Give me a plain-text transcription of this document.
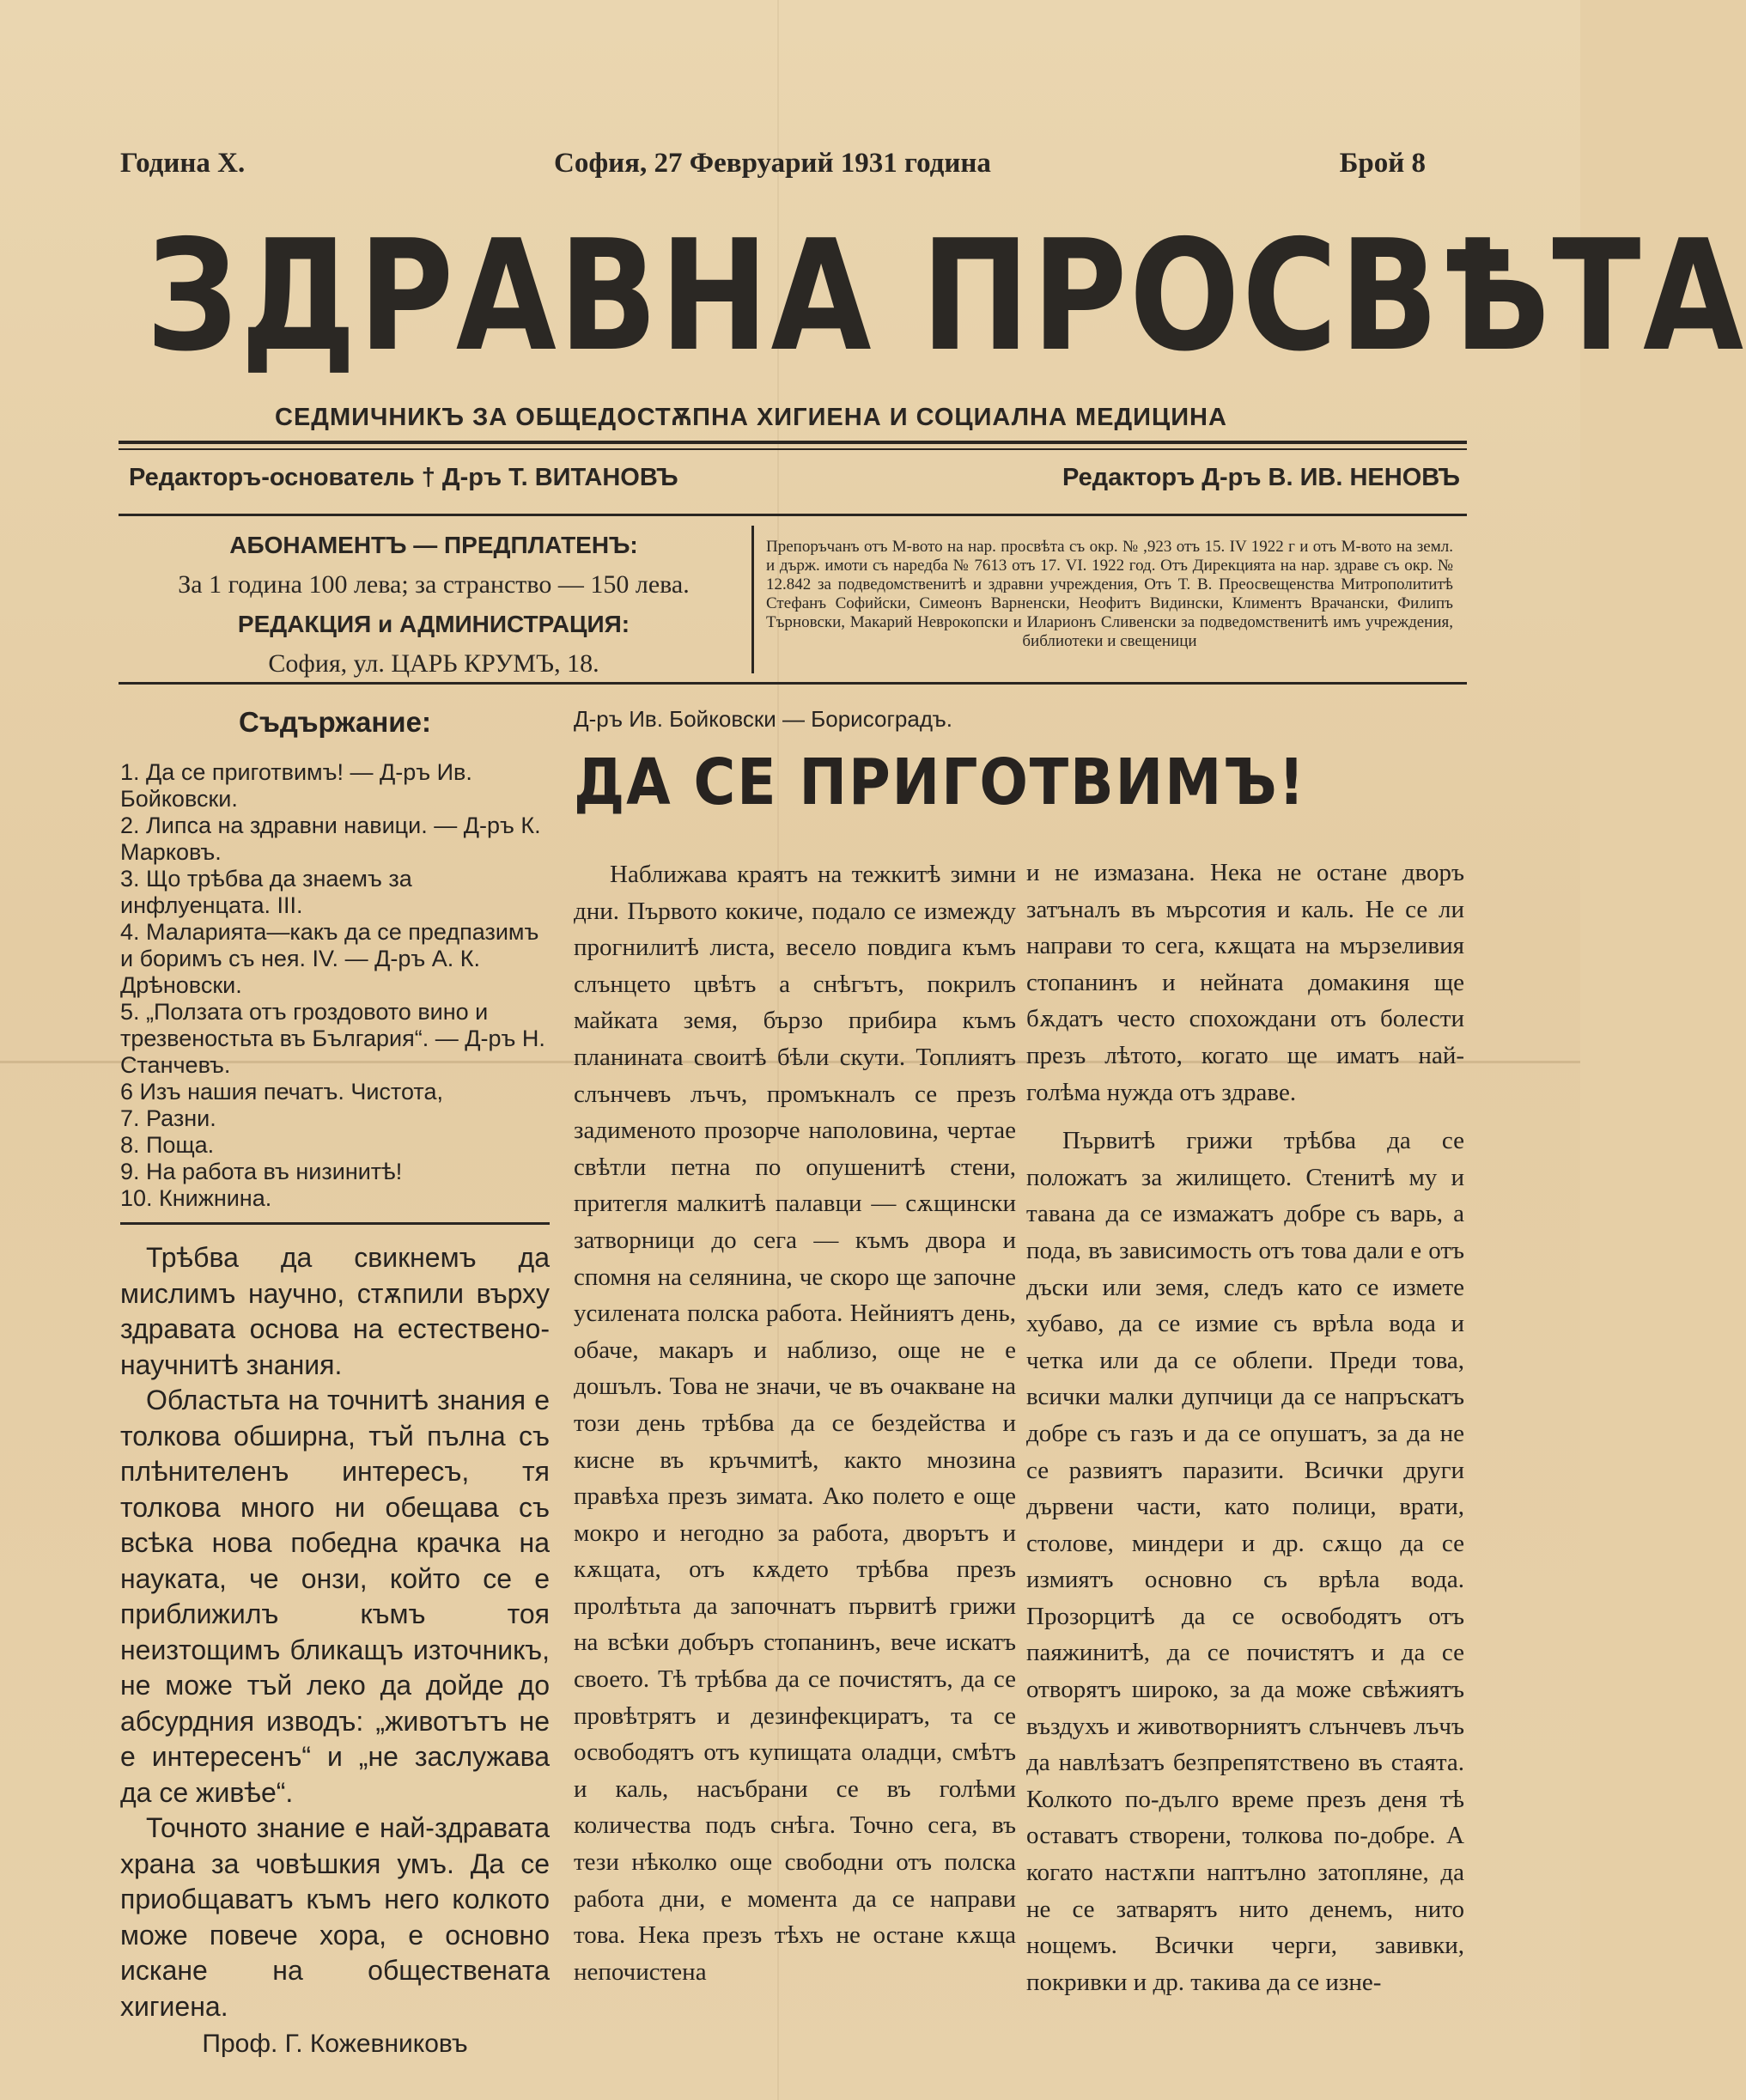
Година X.	София, 27 Февруарий 1931 година	Брой 8
ЗДРАВНА ПРОСВѢТА
СЕДМИЧНИКЪ ЗА ОБЩЕДОСТѪПНА ХИГИЕНА И СОЦИАЛНА МЕДИЦИНА
Редакторъ-основатель † Д-ръ Т. ВИТАНОВЪ	Редакторъ Д-ръ В. ИВ. НЕНОВЪ
АБОНАМЕНТЪ — ПРЕДПЛАТЕНЪ:
За 1 година 100 лева; за странство — 150 лева.
РЕДАКЦИЯ и АДМИНИСТРАЦИЯ:
София, ул. ЦАРЬ КРУМЪ, 18.
Препоръчанъ отъ М-вото на нар. просвѣта съ окр. № ,923 отъ 15. IV 1922 г и отъ М-вото на земл. и държ. имоти съ наредба № 7613 отъ 17. VI. 1922 год. Отъ Дирекцията на нар. здраве съ окр. № 12.842 за подведомственитѣ и здравни учреждения, Отъ Т. В. Преосвещенства Митрополититѣ Стефанъ Софийски, Симеонъ Варненски, Неофитъ Видински, Климентъ Врачански, Филипъ Търновски, Макарий Неврокопски и Иларионъ Сливенски за подведомственитѣ имъ учреждения, библиотеки и свещеници
Съдържание:
1. Да се приготвимъ! — Д-ръ Ив. Бойковски.
2. Липса на здравни навици. — Д-ръ К. Марковъ.
3. Що трѣбва да знаемъ за инфлуенцата. III.
4. Маларията—какъ да се предпазимъ и боримъ съ нея. IV. — Д-ръ А. К. Дрѣновски.
5. „Ползата отъ гроздовото вино и трезвеностьта въ България“. — Д-ръ Н. Станчевъ.
6 Изъ нашия печатъ. Чистота,
7. Разни.
8. Поща.
9. На работа въ низинитѣ!
10. Книжнина.

Трѣбва да свикнемъ да мислимъ научно, стѫпили върху здравата основа на естествено-научнитѣ знания.

Областьта на точнитѣ знания е толкова обширна, тъй пълна съ плѣнителенъ интересъ, тя толкова много ни обещава съ всѣка нова победна крачка на науката, че онзи, който се е приближилъ къмъ тоя неизтощимъ бликащъ източникъ, не може тъй леко да дойде до абсурдния изводъ: „животътъ не е интересенъ“ и „не заслужава да се живѣе“.

Точното знание е най-здравата храна за човѣшкия умъ. Да се приобщаватъ къмъ него колкото може повече хора, е основно искане на обществената хигиена.

Проф. Г. Кожевниковъ
Д-ръ Ив. Бойковски — Борисоградъ.
ДА СЕ ПРИГОТВИМЪ!

Наближава краятъ на тежкитѣ зимни дни. Първото кокиче, подало се измежду прогнилитѣ листа, весело повдига къмъ слънцето цвѣтъ а снѣгътъ, покрилъ майката земя, бързо прибира къмъ планината своитѣ бѣли скути. Топлиятъ слънчевъ лъчъ, промъкналъ се презъ задименото прозорче наполовина, чертае свѣтли петна по опушенитѣ стени, притегля малкитѣ палавци — сѫщински затворници до сега — къмъ двора и спомня на селянина, че скоро ще започне усилената полска работа. Нейниятъ день, обаче, макаръ и наблизо, още не е дошълъ. Това не значи, че въ очакване на този день трѣбва да се бездейства и кисне въ кръчмитѣ, както мнозина правѣха презъ зимата. Ако полето е още мокро и негодно за работа, дворътъ и кѫщата, отъ кѫдето трѣбва презъ пролѣтьта да започнатъ първитѣ грижи на всѣки добъръ стопанинъ, вече искатъ своето. Тѣ трѣбва да се почистятъ, да се провѣтрятъ и дезинфекциратъ, та се освободятъ отъ купищата оладци, смѣтъ и каль, насъбрани се въ голѣми количества подъ снѣга. Точно сега, въ тези нѣколко още свободни отъ полска работа дни, е момента да се направи това. Нека презъ тѣхъ не остане кѫща непочистена

и не измазана. Нека не остане дворъ затъналъ въ мърсотия и каль. Не се ли направи то сега, кѫщата на мързеливия стопанинъ и нейната домакиня ще бѫдатъ често спохождани отъ болести презъ лѣтото, когато ще иматъ най-голѣма нужда отъ здраве.

Първитѣ грижи трѣбва да се положатъ за жилището. Стенитѣ му и тавана да се измажатъ добре съ варь, а пода, въ зависимость отъ това дали е отъ дъски или земя, следъ като се измете хубаво, да се измие съ врѣла вода и четка или да се облепи. Преди това, всички малки дупчици да се напръскатъ добре съ газъ и да се опушатъ, за да не се развиятъ паразити. Всички други дървени части, като полици, врати, столове, миндери и др. сѫщо да се измиятъ основно съ врѣла вода. Прозорцитѣ да се освободятъ отъ паяжинитѣ, да се почистятъ и да се отворятъ широко, за да може свѣжиятъ въздухъ и животворниятъ слънчевъ лъчъ да навлѣзатъ безпрепятствено въ стаята. Колкото по-дълго време презъ деня тѣ оставатъ створени, толкова по-добре. А когато настѫпи наптълно затопляне, да не се затварятъ нито денемъ, нито нощемъ. Всички черги, завивки, покривки и др. такива да се изне-
